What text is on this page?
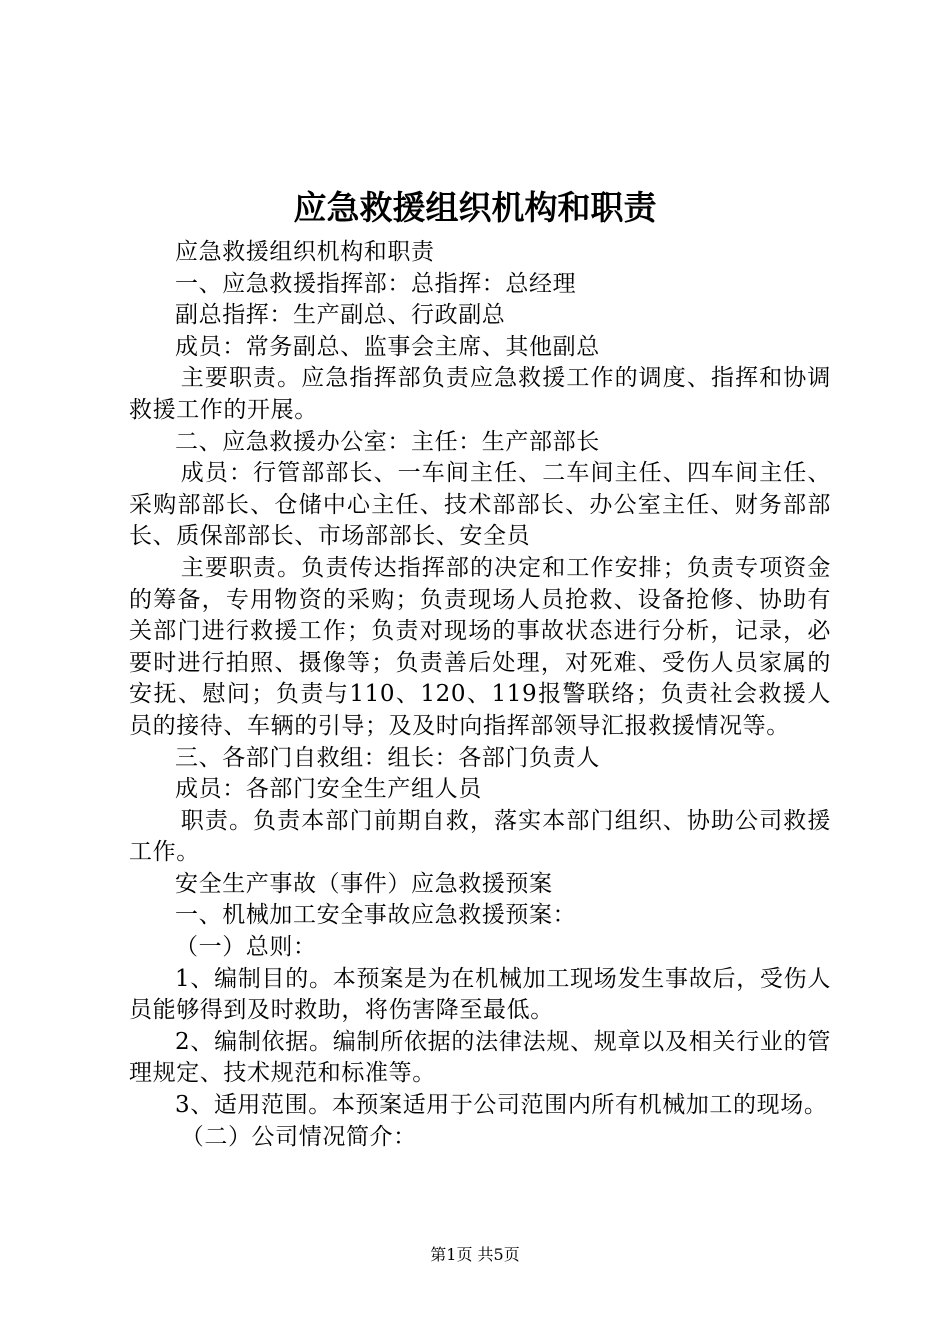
应急救援组织机构和职责

应急救援组织机构和职责

一、应急救援指挥部：总指挥：总经理

副总指挥：生产副总、行政副总

成员：常务副总、监事会主席、其他副总

主要职责。应急指挥部负责应急救援工作的调度、指挥和协调救援工作的开展。

二、应急救援办公室：主任：生产部部长

成员：行管部部长、一车间主任、二车间主任、四车间主任、采购部部长、仓储中心主任、技术部部长、办公室主任、财务部部长、质保部部长、市场部部长、安全员

主要职责。负责传达指挥部的决定和工作安排；负责专项资金的筹备，专用物资的采购；负责现场人员抢救、设备抢修、协助有关部门进行救援工作；负责对现场的事故状态进行分析，记录，必要时进行拍照、摄像等；负责善后处理，对死难、受伤人员家属的安抚、慰问；负责与110、120、119报警联络；负责社会救援人员的接待、车辆的引导；及及时向指挥部领导汇报救援情况等。

三、各部门自救组：组长：各部门负责人

成员：各部门安全生产组人员

职责。负责本部门前期自救，落实本部门组织、协助公司救援工作。

安全生产事故（事件）应急救援预案

一、机械加工安全事故应急救援预案：

（一）总则：

1、编制目的。本预案是为在机械加工现场发生事故后，受伤人员能够得到及时救助，将伤害降至最低。

2、编制依据。编制所依据的法律法规、规章以及相关行业的管理规定、技术规范和标准等。

3、适用范围。本预案适用于公司范围内所有机械加工的现场。

（二）公司情况简介：

第1页 共5页
